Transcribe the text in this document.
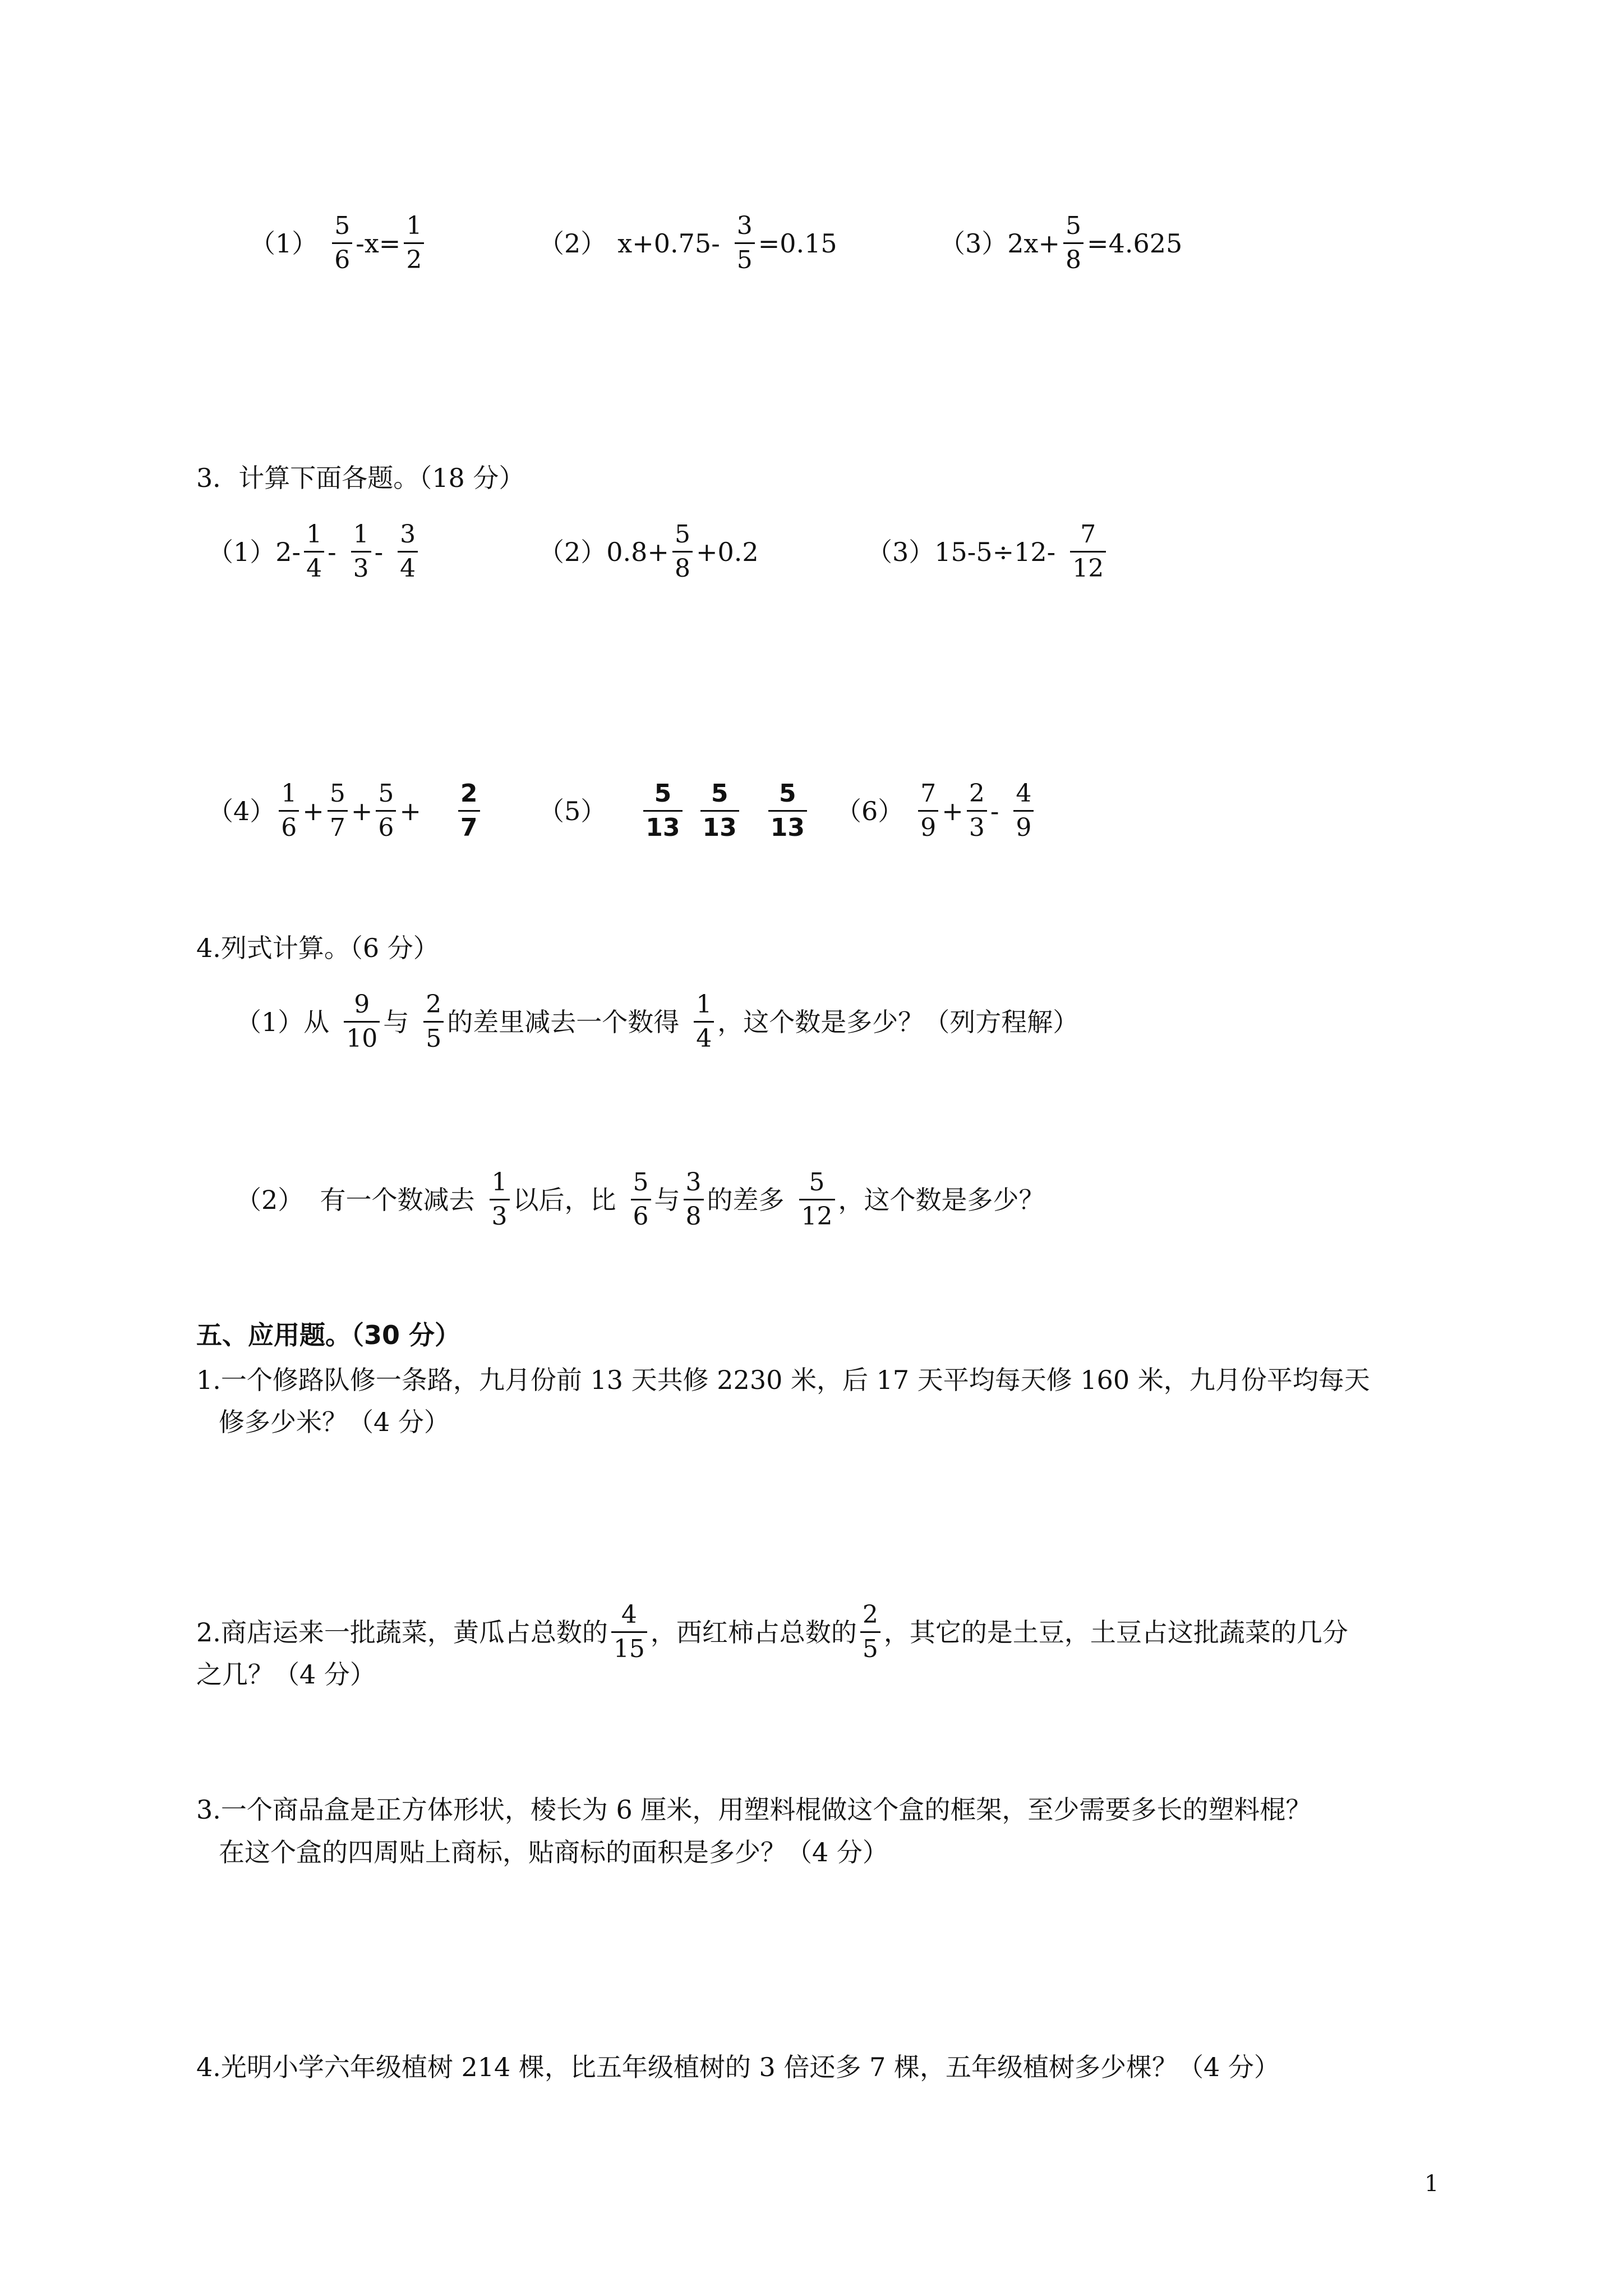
$(1) \frac{5}{6} -x= \frac{1}{2}$	（2） $x+0.75- \frac{3}{5} =0.15$	$(3)2x+ \frac{5}{8} =4.625$
3．计算下面各题。（18 分）
$(1)2- \frac{1}{4} - \frac{1}{3} - \frac{3}{4}$	$(2)0.8+ \frac{5}{8} +0.2$	$(3)15-5\div 12- \frac{7}{12}$
$(4) \frac{1}{6} + \frac{5}{7} + \frac{5}{6} + \frac{2}{7} (5) \frac{5}{13} \frac{5}{13} \frac{5}{13} (6) \frac{7}{9} + \frac{2}{3} - \frac{4}{9}$
4.列式计算。（6 分）
（1）从 $\frac{9}{10}$ 与 $\frac{2}{5}$ 的差里减去一个数得 $\frac{1}{4}$ ，这个数是多少？（列方程解）
（2）  有一个数减去 $\frac{1}{3}$ 以后，比 $\frac{5}{6}$ 与 $\frac{3}{8}$ 的差多 $\frac{5}{12}$ ，这个数是多少？
五、应用题。（30 分）
1.一个修路队修一条路，九月份前 13 天共修 2230 米，后 17 天平均每天修 160 米，九月份平均每天
修多少米？（4 分）
2.商店运来一批蔬菜，黄瓜占总数的 $\frac{4}{15}$ ，西红柿占总数的 $\frac{2}{5}$ ，其它的是土豆，土豆占这批蔬菜的几分
之几？（4 分）
3.一个商品盒是正方体形状，棱长为 6 厘米，用塑料棍做这个盒的框架，至少需要多长的塑料棍？
在这个盒的四周贴上商标，贴商标的面积是多少？（4 分）
4.光明小学六年级植树 214 棵，比五年级植树的 3 倍还多 7 棵，五年级植树多少棵？（4 分）
1
